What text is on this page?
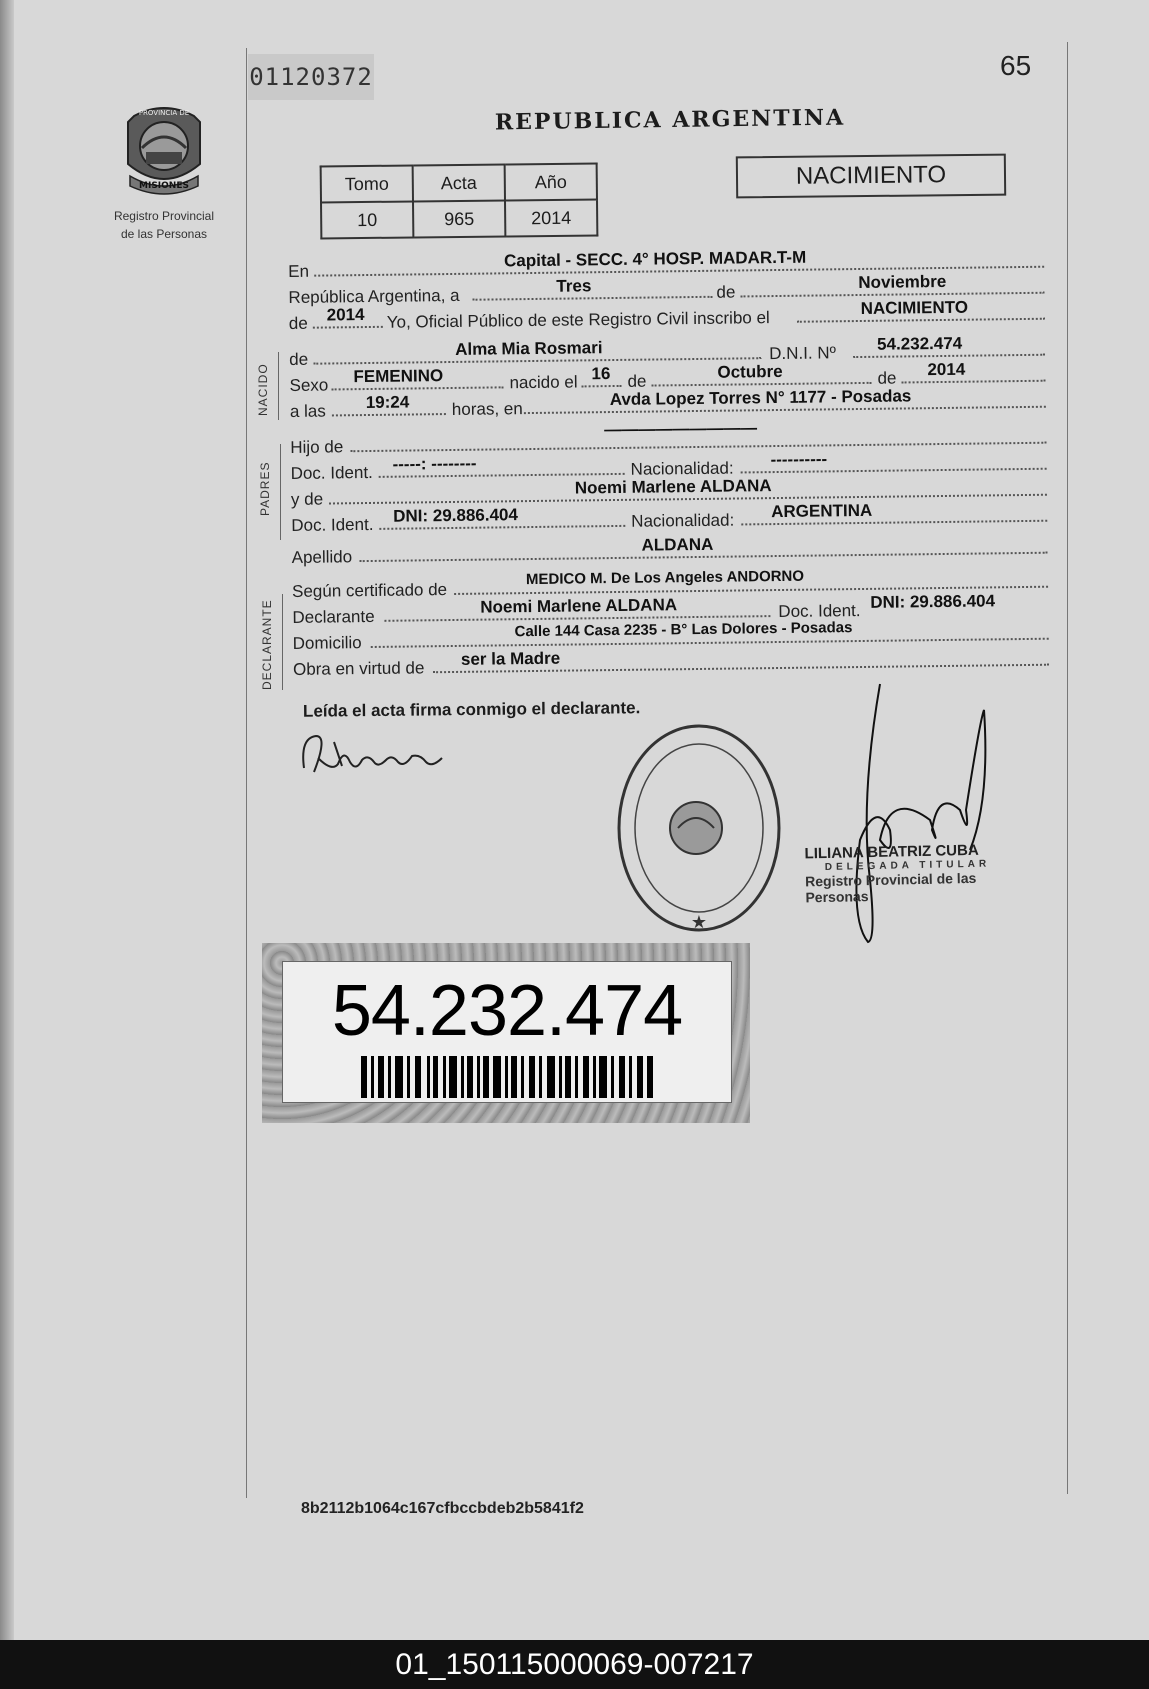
01120372	65
REPUBLICA ARGENTINA
PROVINCIA DE
MISIONES
Registro Provincial
de las Personas
Tomo	Acta	Año
10	965	2014
NACIMIENTO
NACIDO
PADRES
DECLARANTE
En
Capital - SECC. 4° HOSP. MADAR.T-M
República Argentina, a	Tres	de
Noviembre
de 2014 Yo, Oficial Público de este Registro Civil inscribo el
NACIMIENTO
de
Alma Mia Rosmari	D.N.I. Nº 54.232.474
Sexo FEMENINO	nacido el 16 de	Octubre	de 2014
a las 19:24 horas, en	Avda Lopez Torres N° 1177 - Posadas
Hijo de
—————————
Doc. Ident. -----: --------	Nacionalidad: ----------
y de
Noemi Marlene ALDANA
Doc. Ident. DNI: 29.886.404	Nacionalidad: ARGENTINA
Apellido
ALDANA
Según certificado de
MEDICO M. De Los Angeles ANDORNO
Declarante
Noemi Marlene ALDANA	Doc. Ident. DNI: 29.886.404
Domicilio
Calle 144 Casa 2235 - B° Las Dolores - Posadas
Obra en virtud de ser la Madre
Leída el acta firma conmigo el declarante.
★
LILIANA BEATRIZ CUBA
DELEGADA TITULAR
Registro Provincial de las Personas
54.232.474
8b2112b1064c167cfbccbdeb2b5841f2
01_150115000069-007217
